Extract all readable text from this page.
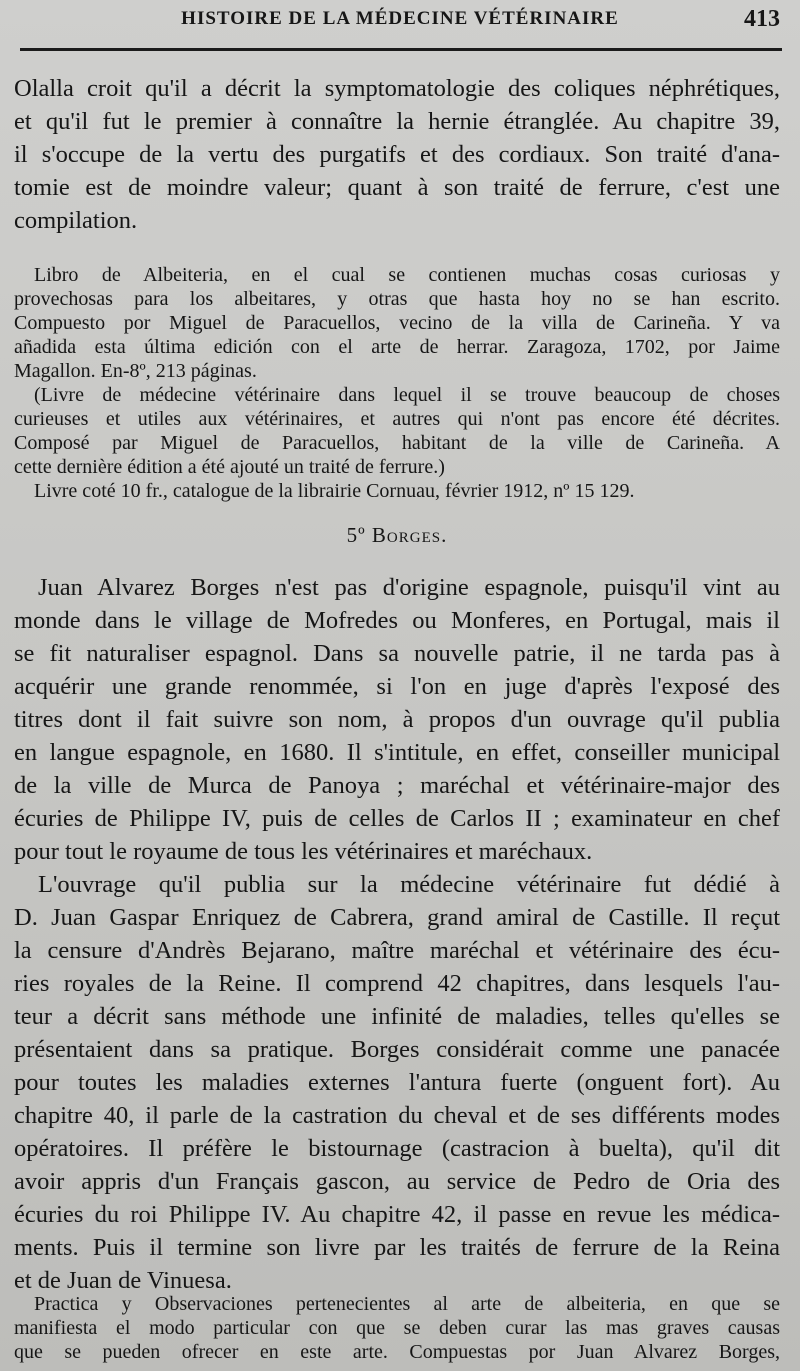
HISTOIRE DE LA MÉDECINE VÉTÉRINAIRE	413
Olalla croit qu'il a décrit la symptomatologie des coliques néphrétiques,
et qu'il fut le premier à connaître la hernie étranglée. Au chapitre 39,
il s'occupe de la vertu des purgatifs et des cordiaux. Son traité d'ana-
tomie est de moindre valeur; quant à son traité de ferrure, c'est une
compilation.
Libro de Albeiteria, en el cual se contienen muchas cosas curiosas y
provechosas para los albeitares, y otras que hasta hoy no se han escrito.
Compuesto por Miguel de Paracuellos, vecino de la villa de Carineña. Y va
añadida esta última edición con el arte de herrar. Zaragoza, 1702, por Jaime
Magallon. En-8º, 213 páginas.
(Livre de médecine vétérinaire dans lequel il se trouve beaucoup de choses
curieuses et utiles aux vétérinaires, et autres qui n'ont pas encore été décrites.
Composé par Miguel de Paracuellos, habitant de la ville de Carineña. A
cette dernière édition a été ajouté un traité de ferrure.)
Livre coté 10 fr., catalogue de la librairie Cornuau, février 1912, nº 15 129.
5º Borges.
Juan Alvarez Borges n'est pas d'origine espagnole, puisqu'il vint au
monde dans le village de Mofredes ou Monferes, en Portugal, mais il
se fit naturaliser espagnol. Dans sa nouvelle patrie, il ne tarda pas à
acquérir une grande renommée, si l'on en juge d'après l'exposé des
titres dont il fait suivre son nom, à propos d'un ouvrage qu'il publia
en langue espagnole, en 1680. Il s'intitule, en effet, conseiller municipal
de la ville de Murca de Panoya ; maréchal et vétérinaire-major des
écuries de Philippe IV, puis de celles de Carlos II ; examinateur en chef
pour tout le royaume de tous les vétérinaires et maréchaux.
L'ouvrage qu'il publia sur la médecine vétérinaire fut dédié à
D. Juan Gaspar Enriquez de Cabrera, grand amiral de Castille. Il reçut
la censure d'Andrès Bejarano, maître maréchal et vétérinaire des écu-
ries royales de la Reine. Il comprend 42 chapitres, dans lesquels l'au-
teur a décrit sans méthode une infinité de maladies, telles qu'elles se
présentaient dans sa pratique. Borges considérait comme une panacée
pour toutes les maladies externes l'antura fuerte (onguent fort). Au
chapitre 40, il parle de la castration du cheval et de ses différents modes
opératoires. Il préfère le bistournage (castracion à buelta), qu'il dit
avoir appris d'un Français gascon, au service de Pedro de Oria des
écuries du roi Philippe IV. Au chapitre 42, il passe en revue les médica-
ments. Puis il termine son livre par les traités de ferrure de la Reina
et de Juan de Vinuesa.
Practica y Observaciones pertenecientes al arte de albeiteria, en que se
manifiesta el modo particular con que se deben curar las mas graves causas
que se pueden ofrecer en este arte. Compuestas por Juan Alvarez Borges,
